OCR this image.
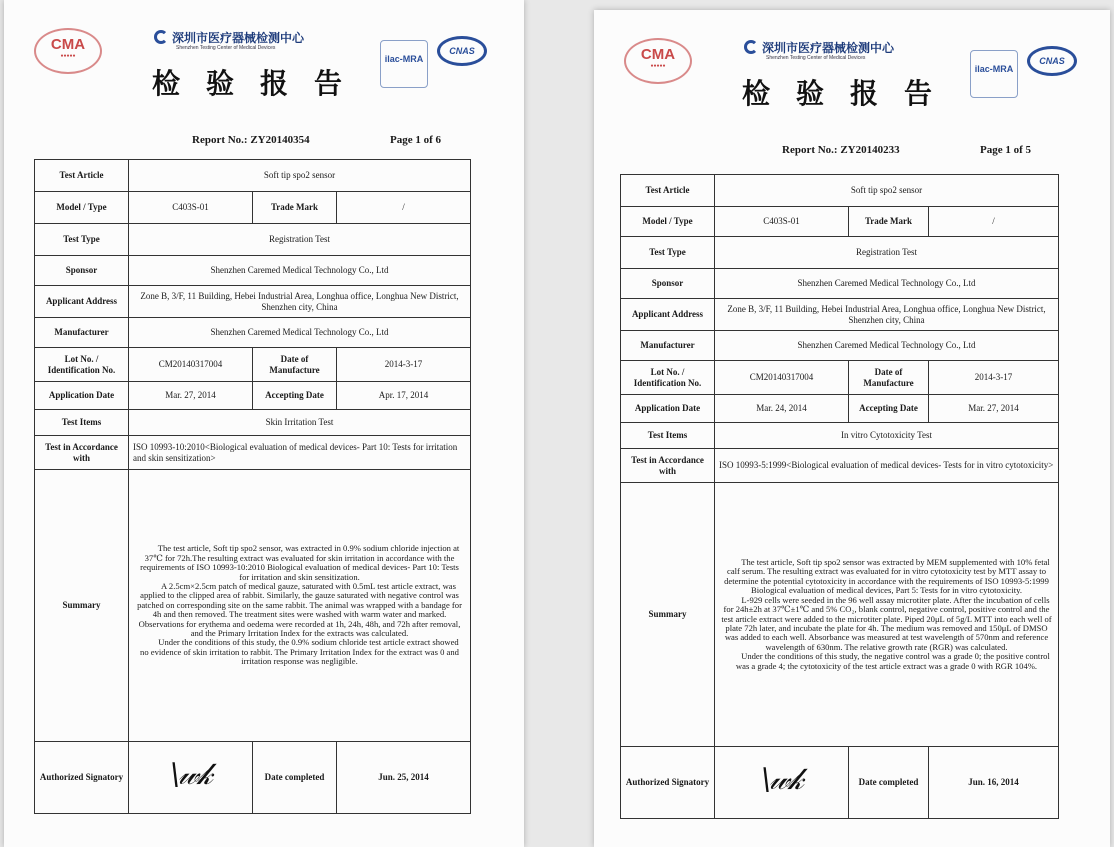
CMA
●●●●●
深圳市医疗器械检测中心
Shenzhen Testing Center of Medical Devices
检验报告
ilac-MRA
CNAS
Report No.: ZY20140354	Page 1 of 6
Test Article	Soft tip spo2 sensor		
Model / Type	C403S-01	Trade Mark	/
Test Type	Registration Test		
Sponsor	Shenzhen Caremed Medical Technology Co., Ltd		
Applicant Address	Zone B, 3/F, 11 Building, Hebei Industrial Area, Longhua office, Longhua New District, Shenzhen city, China		
Manufacturer	Shenzhen Caremed Medical Technology Co., Ltd		
Lot No. / Identification No.	CM20140317004	Date of Manufacture	2014-3-17
Application Date	Mar. 27, 2014	Accepting Date	Apr. 17, 2014
Test Items	Skin Irritation Test		
Test in Accordance with	ISO 10993-10:2010<Biological evaluation of medical devices- Part 10: Tests for irritation and skin sensitization>		
Summary	The test article, Soft tip spo2 sensor, was extracted in 0.9% sodium chloride injection at 37℃ for 72h.The resulting extract was evaluated for skin irritation in accordance with the requirements of ISO 10993-10:2010 Biological evaluation of medical devices- Part 10: Tests for irritation and skin sensitization.

A 2.5cm×2.5cm patch of medical gauze, saturated with 0.5mL test article extract, was applied to the clipped area of rabbit. Similarly, the gauze saturated with negative control was patched on corresponding site on the same rabbit. The animal was wrapped with a bandage for 4h and then removed. The treatment sites were washed with warm water and marked. Observations for erythema and oedema were recorded at 1h, 24h, 48h, and 72h after removal, and the Primary Irritation Index for the extracts was calculated.

Under the conditions of this study, the 0.9% sodium chloride test article extract showed no evidence of skin irritation to rabbit. The Primary Irritation Index for the extract was 0 and irritation response was negligible.		

Authorized Signatory	\𝓌𝓀	Date completed	Jun. 25, 2014
CMA
●●●●●
深圳市医疗器械检测中心
Shenzhen Testing Center of Medical Devices
检验报告
ilac-MRA
CNAS
Report No.: ZY20140233	Page 1 of 5
Test Article	Soft tip spo2 sensor		
Model / Type	C403S-01	Trade Mark	/
Test Type	Registration Test		
Sponsor	Shenzhen Caremed Medical Technology Co., Ltd		
Applicant Address	Zone B, 3/F, 11 Building, Hebei Industrial Area, Longhua office, Longhua New District, Shenzhen city, China		
Manufacturer	Shenzhen Caremed Medical Technology Co., Ltd		
Lot No. / Identification No.	CM20140317004	Date of Manufacture	2014-3-17
Application Date	Mar. 24, 2014	Accepting Date	Mar. 27, 2014
Test Items	In vitro Cytotoxicity Test		
Test in Accordance with	ISO 10993-5:1999<Biological evaluation of medical devices- Tests for in vitro cytotoxicity>		
Summary	The test article, Soft tip spo2 sensor was extracted by MEM supplemented with 10% fetal calf serum. The resulting extract was evaluated for in vitro cytotoxicity test by MTT assay to determine the potential cytotoxicity in accordance with the requirements of ISO 10993-5:1999 Biological evaluation of medical devices, Part 5: Tests for in vitro cytotoxicity.

L-929 cells were seeded in the 96 well assay microtiter plate. After the incubation of cells for 24h±2h at 37℃±1℃ and 5% CO₂, blank control, negative control, positive control and the test article extract were added to the microtiter plate. Piped 20μL of 5g/L MTT into each well of plate 72h later, and incubate the plate for 4h. The medium was removed and 150μL of DMSO was added to each well. Absorbance was measured at test wavelength of 570nm and reference wavelength of 630nm. The relative growth rate (RGR) was calculated.

Under the conditions of this study, the negative control was a grade 0; the positive control was a grade 4; the cytotoxicity of the test article extract was a grade 0 with RGR 104%.		

Authorized Signatory	\𝓌𝓀	Date completed	Jun. 16, 2014
